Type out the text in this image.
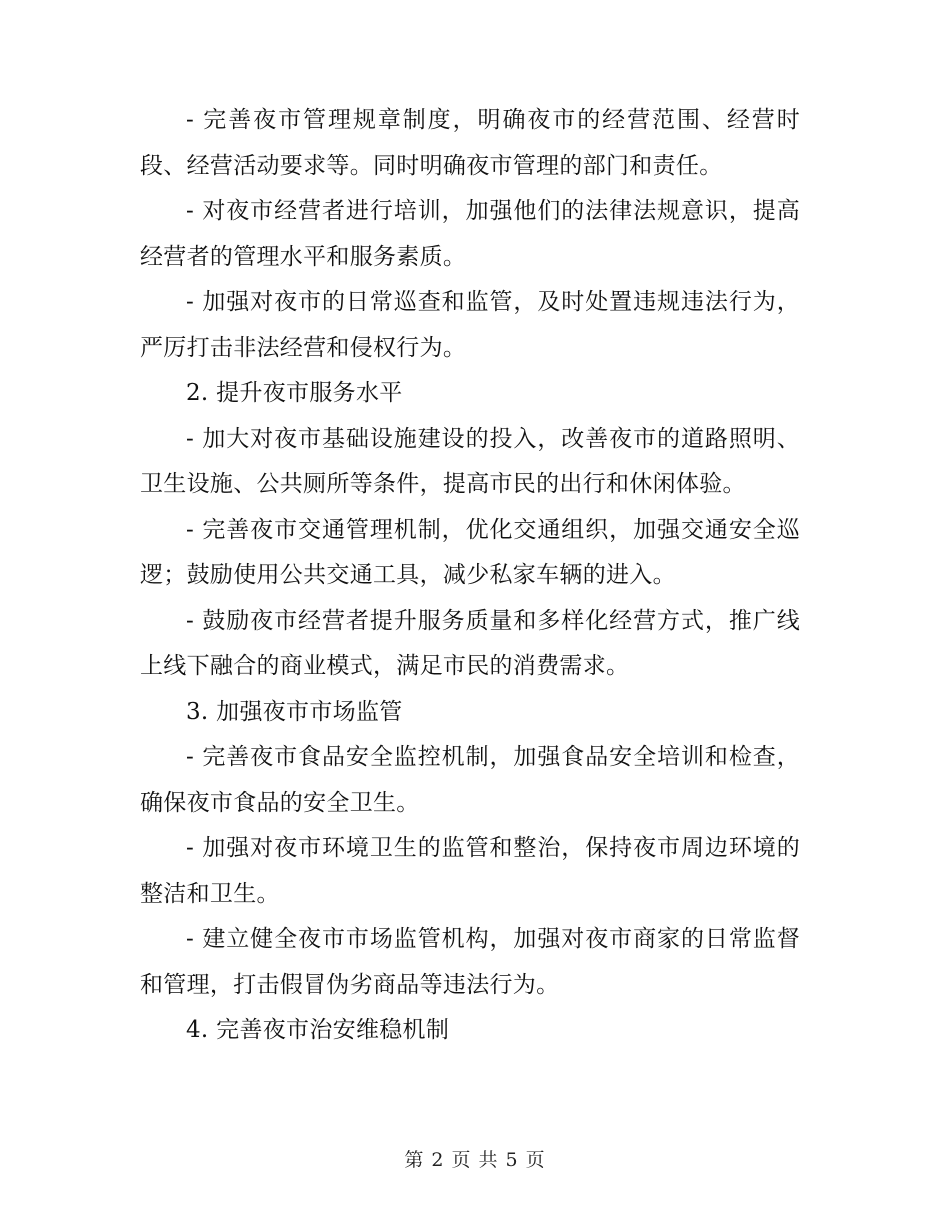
- 完善夜市管理规章制度，明确夜市的经营范围、经营时段、经营活动要求等。同时明确夜市管理的部门和责任。

- 对夜市经营者进行培训，加强他们的法律法规意识，提高经营者的管理水平和服务素质。

- 加强对夜市的日常巡查和监管，及时处置违规违法行为，严厉打击非法经营和侵权行为。

2. 提升夜市服务水平

- 加大对夜市基础设施建设的投入，改善夜市的道路照明、卫生设施、公共厕所等条件，提高市民的出行和休闲体验。

- 完善夜市交通管理机制，优化交通组织，加强交通安全巡逻；鼓励使用公共交通工具，减少私家车辆的进入。

- 鼓励夜市经营者提升服务质量和多样化经营方式，推广线上线下融合的商业模式，满足市民的消费需求。

3. 加强夜市市场监管

- 完善夜市食品安全监控机制，加强食品安全培训和检查，确保夜市食品的安全卫生。

- 加强对夜市环境卫生的监管和整治，保持夜市周边环境的整洁和卫生。

- 建立健全夜市市场监管机构，加强对夜市商家的日常监督和管理，打击假冒伪劣商品等违法行为。

4. 完善夜市治安维稳机制

第 2 页 共 5 页
